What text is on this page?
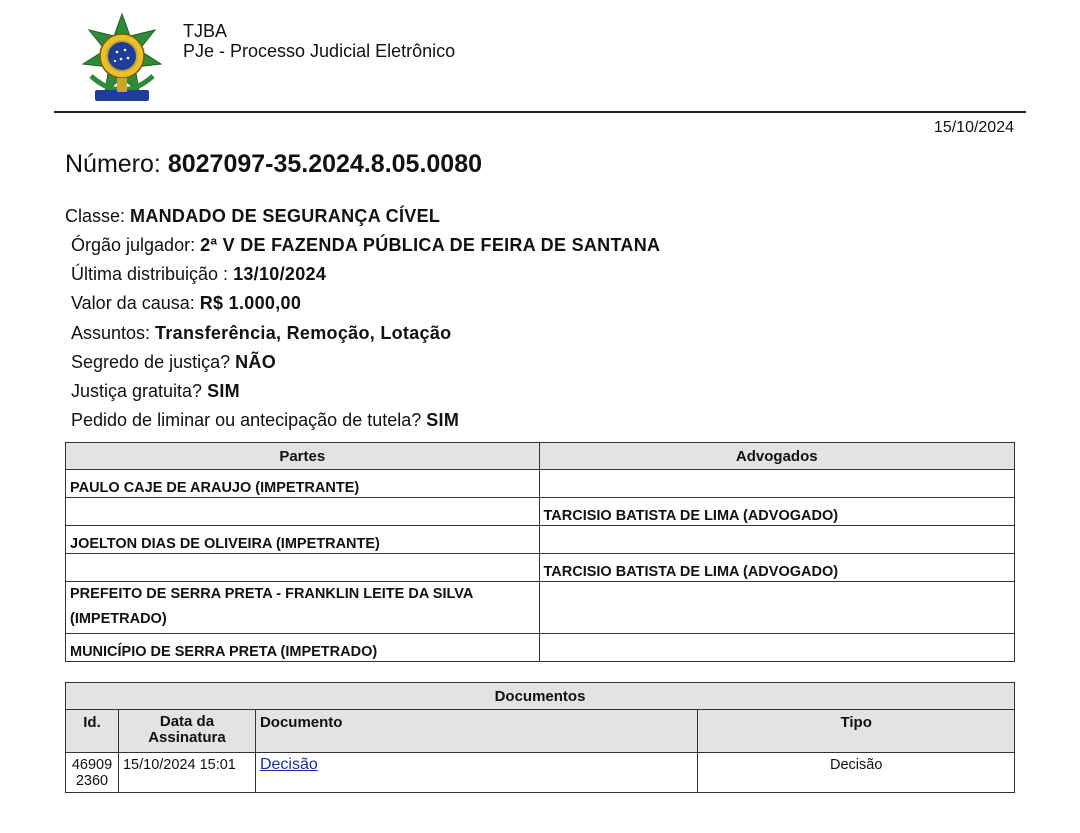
TJBA
PJe - Processo Judicial Eletrônico
15/10/2024
Número: 8027097-35.2024.8.05.0080
Classe: MANDADO DE SEGURANÇA CÍVEL
Órgão julgador: 2ª V DE FAZENDA PÚBLICA DE FEIRA DE SANTANA
Última distribuição : 13/10/2024
Valor da causa: R$ 1.000,00
Assuntos: Transferência, Remoção, Lotação
Segredo de justiça? NÃO
Justiça gratuita? SIM
Pedido de liminar ou antecipação de tutela? SIM
Partes	Advogados
PAULO CAJE DE ARAUJO (IMPETRANTE)	
	TARCISIO BATISTA DE LIMA (ADVOGADO)
JOELTON DIAS DE OLIVEIRA (IMPETRANTE)	
	TARCISIO BATISTA DE LIMA (ADVOGADO)
PREFEITO DE SERRA PRETA - FRANKLIN LEITE DA SILVA (IMPETRADO)	
MUNICÍPIO DE SERRA PRETA (IMPETRADO)	
Documentos			
Id.	Data da Assinatura	Documento	Tipo
46909 2360	15/10/2024 15:01	Decisão	Decisão
